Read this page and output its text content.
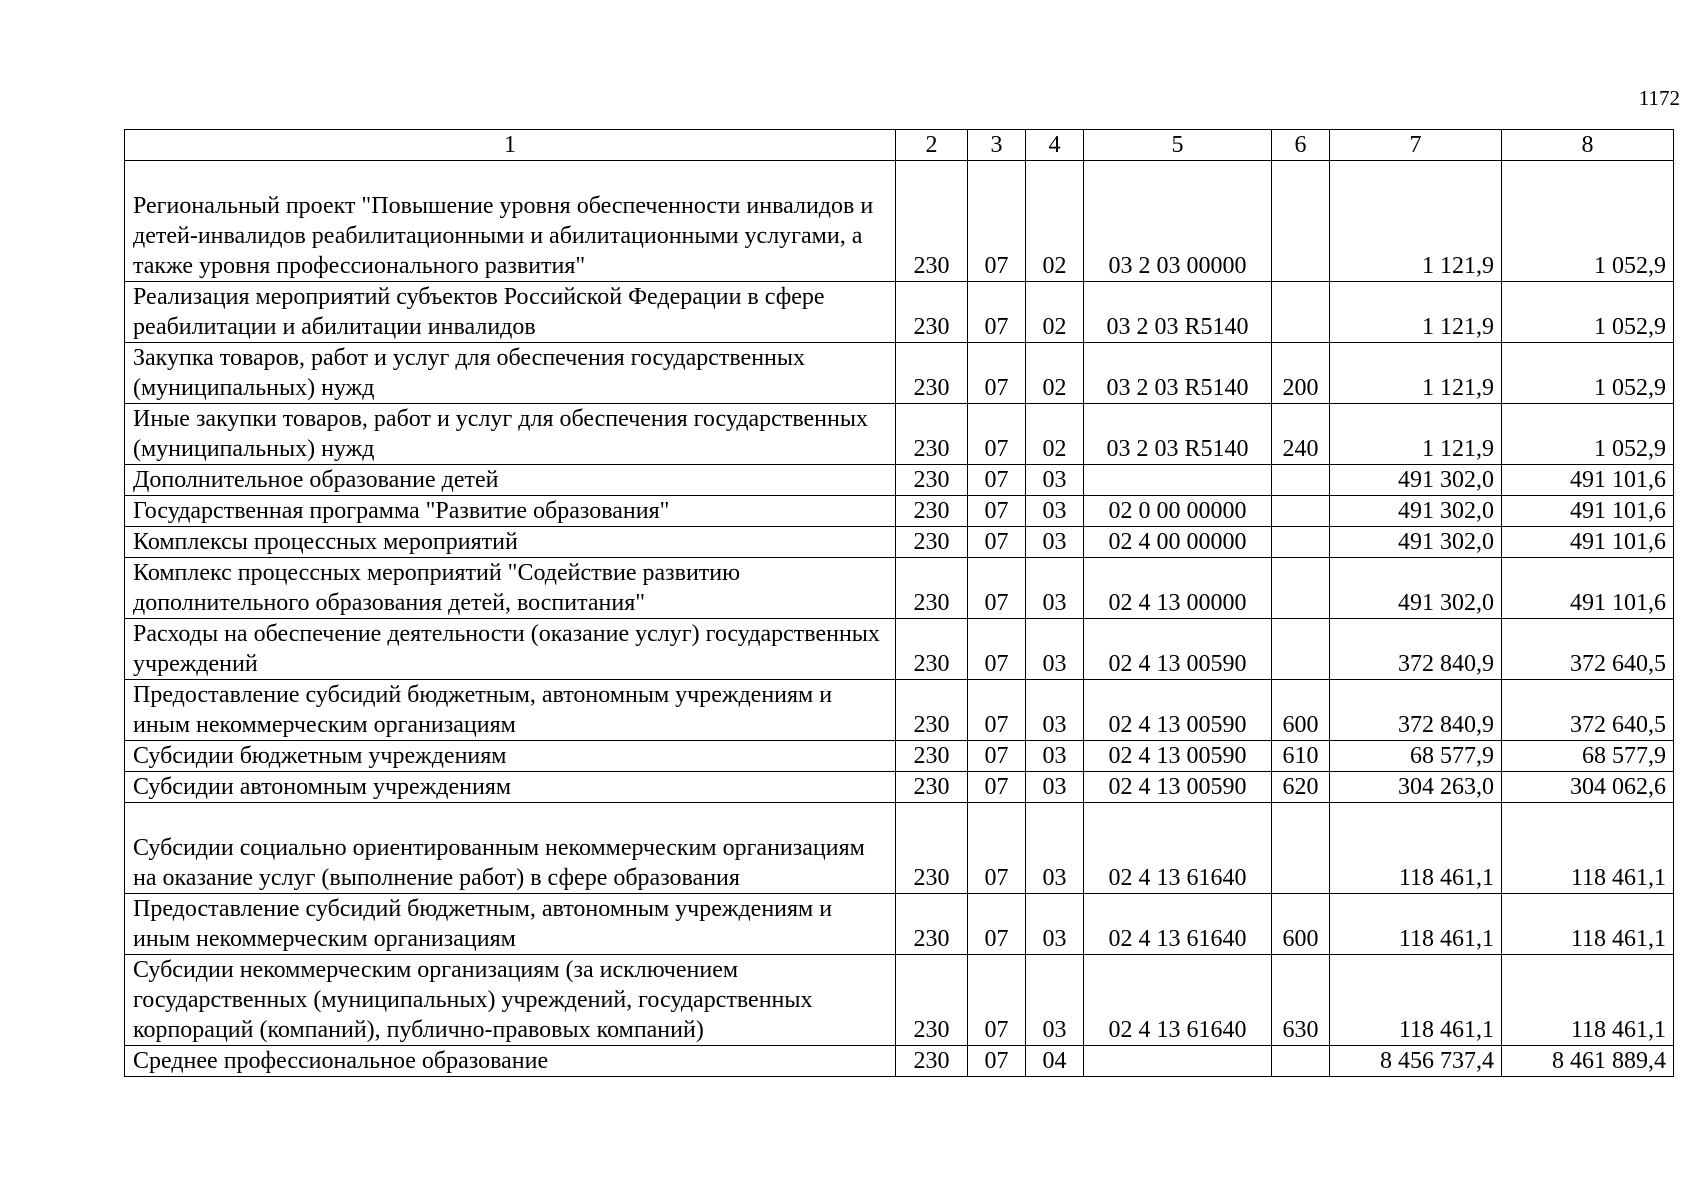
1172
1	2	3	4	5	6	7	8
Региональный проект "Повышение уровня обеспеченности инвалидов и детей-инвалидов реабилитационными и абилитационными услугами, а также уровня профессионального развития"	230	07	02	03 2 03 00000		1 121,9	1 052,9
Реализация мероприятий субъектов Российской Федерации в сфере реабилитации и абилитации инвалидов	230	07	02	03 2 03 R5140		1 121,9	1 052,9
Закупка товаров, работ и услуг для обеспечения государственных (муниципальных) нужд	230	07	02	03 2 03 R5140	200	1 121,9	1 052,9
Иные закупки товаров, работ и услуг для обеспечения государственных (муниципальных) нужд	230	07	02	03 2 03 R5140	240	1 121,9	1 052,9
Дополнительное образование детей	230	07	03			491 302,0	491 101,6
Государственная программа "Развитие образования"	230	07	03	02 0 00 00000		491 302,0	491 101,6
Комплексы процессных мероприятий	230	07	03	02 4 00 00000		491 302,0	491 101,6
Комплекс процессных мероприятий "Содействие развитию дополнительного образования детей, воспитания"	230	07	03	02 4 13 00000		491 302,0	491 101,6
Расходы на обеспечение деятельности (оказание услуг) государственных учреждений	230	07	03	02 4 13 00590		372 840,9	372 640,5
Предоставление субсидий бюджетным, автономным учреждениям и иным некоммерческим организациям	230	07	03	02 4 13 00590	600	372 840,9	372 640,5
Субсидии бюджетным учреждениям	230	07	03	02 4 13 00590	610	68 577,9	68 577,9
Субсидии автономным учреждениям	230	07	03	02 4 13 00590	620	304 263,0	304 062,6
Субсидии социально ориентированным некоммерческим организациям на оказание услуг (выполнение работ) в сфере образования	230	07	03	02 4 13 61640		118 461,1	118 461,1
Предоставление субсидий бюджетным, автономным учреждениям и иным некоммерческим организациям	230	07	03	02 4 13 61640	600	118 461,1	118 461,1
Субсидии некоммерческим организациям (за исключением государственных (муниципальных) учреждений, государственных корпораций (компаний), публично-правовых компаний)	230	07	03	02 4 13 61640	630	118 461,1	118 461,1
Среднее профессиональное образование	230	07	04			8 456 737,4	8 461 889,4
